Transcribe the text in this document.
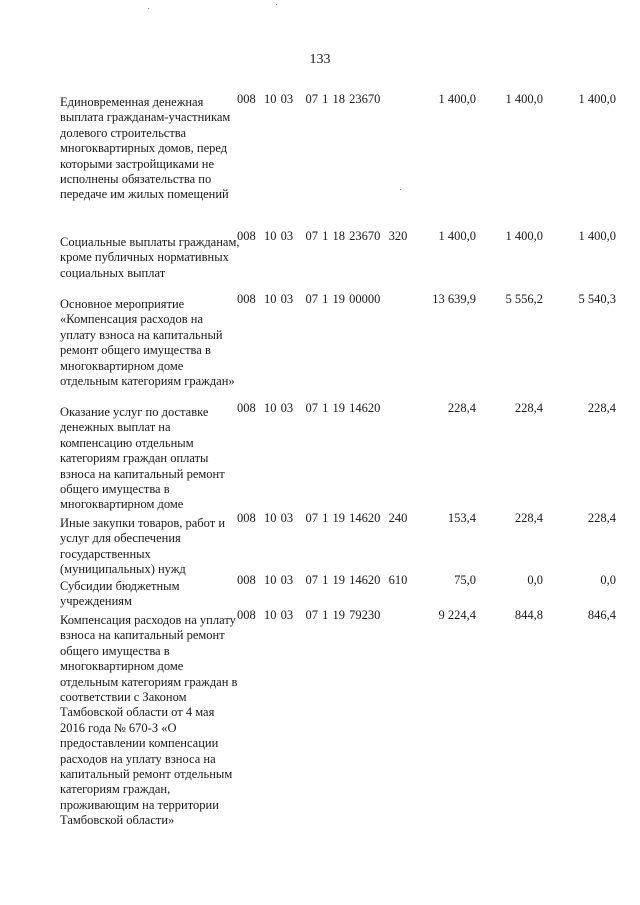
133
Единовременная денежная выплата гражданам-участникам долевого строительства многоквартирных домов, перед которыми застройщиками не исполнены обязательства по передаче им жилых помещений
008  10 03   07 1 18 23670	1 400,0	1 400,0	1 400,0
Социальные выплаты гражданам, кроме публичных нормативных социальных выплат
008  10 03   07 1 18 23670  320	1 400,0	1 400,0	1 400,0
Основное мероприятие «Компенсация расходов на уплату взноса на капитальный ремонт общего имущества в многоквартирном доме отдельным категориям граждан»
008  10 03   07 1 19 00000	13 639,9	5 556,2	5 540,3
Оказание услуг по доставке денежных выплат на компенсацию отдельным категориям граждан оплаты взноса на капитальный ремонт общего имущества в многоквартирном доме
008  10 03   07 1 19 14620	228,4	228,4	228,4
Иные закупки товаров, работ и услуг для обеспечения государственных (муниципальных) нужд
008  10 03   07 1 19 14620  240	153,4	228,4	228,4
Субсидии бюджетным учреждениям
008  10 03   07 1 19 14620  610	75,0	0,0	0,0
Компенсация расходов на уплату взноса на капитальный ремонт общего имущества в многоквартирном доме отдельным категориям граждан в соответствии с Законом Тамбовской области от 4 мая 2016 года № 670-З «О предоставлении компенсации расходов на уплату взноса на капитальный ремонт отдельным категориям граждан, проживающим на территории Тамбовской области»
008  10 03   07 1 19 79230	9 224,4	844,8	846,4
